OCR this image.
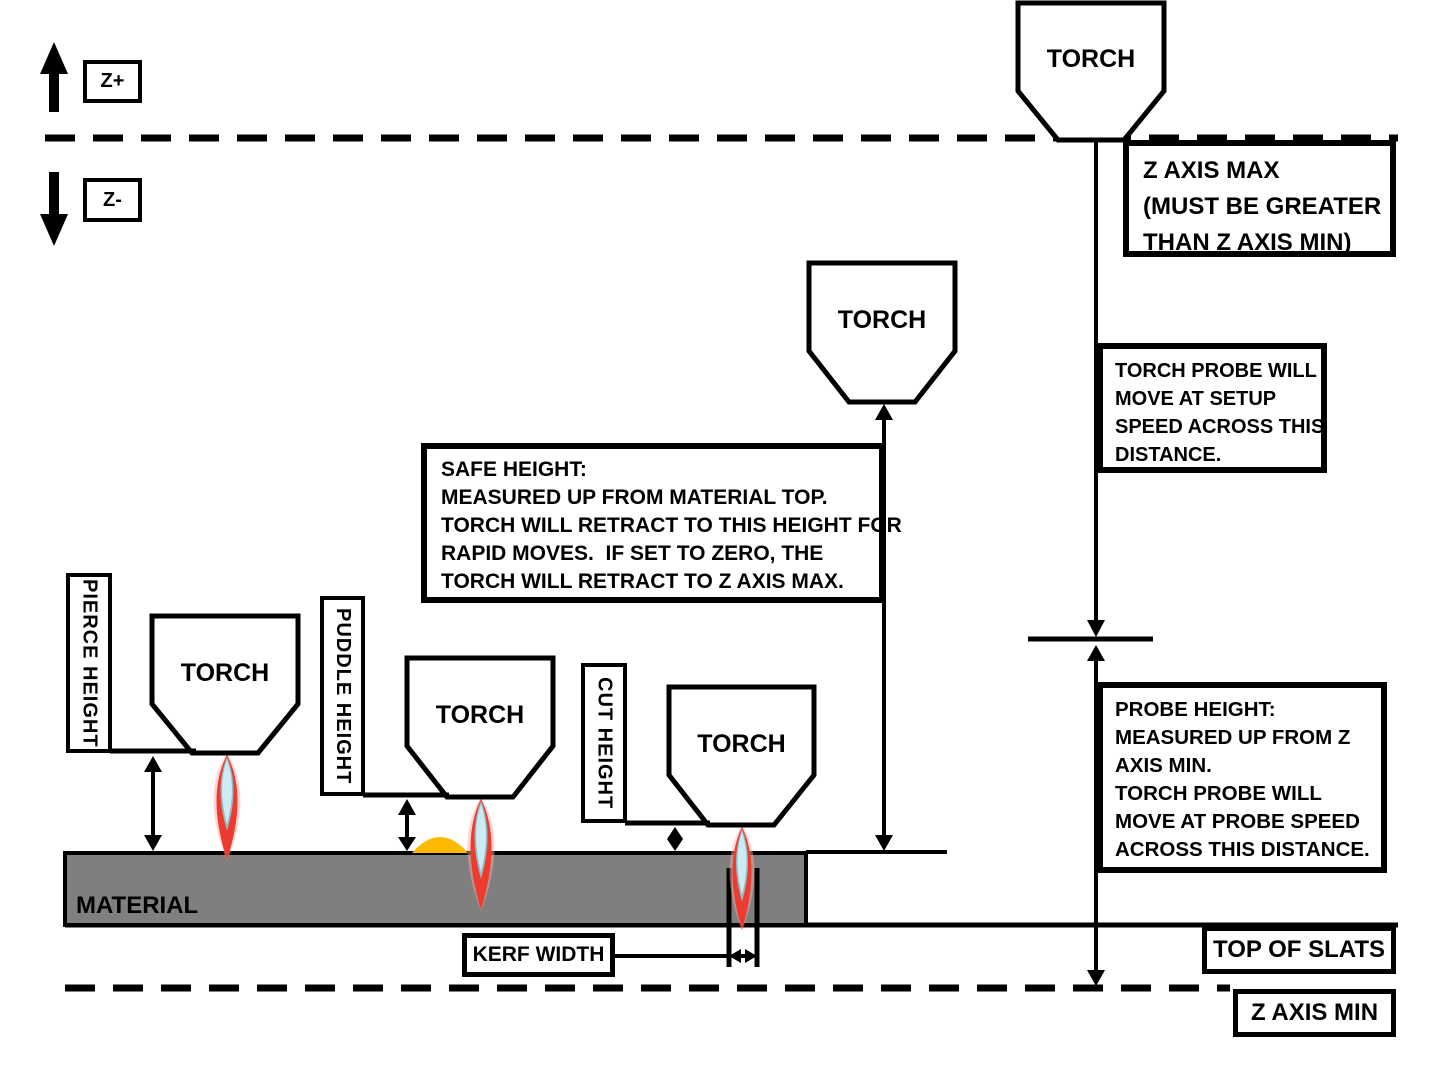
Z+
Z-
TORCH
TORCH
TORCH
TORCH
TORCH
PIERCE HEIGHT	PUDDLE HEIGHT	CUT HEIGHT
SAFE HEIGHT:
MEASURED UP FROM MATERIAL TOP.
TORCH WILL RETRACT TO THIS HEIGHT FOR
RAPID MOVES.  IF SET TO ZERO, THE
TORCH WILL RETRACT TO Z AXIS MAX.
Z AXIS MAX
(MUST BE GREATER
THAN Z AXIS MIN)
TORCH PROBE WILL
MOVE AT SETUP
SPEED ACROSS THIS
DISTANCE.
PROBE HEIGHT:
MEASURED UP FROM Z
AXIS MIN.
TORCH PROBE WILL
MOVE AT PROBE SPEED
ACROSS THIS DISTANCE.
KERF WIDTH
MATERIAL
TOP OF SLATS
Z AXIS MIN
